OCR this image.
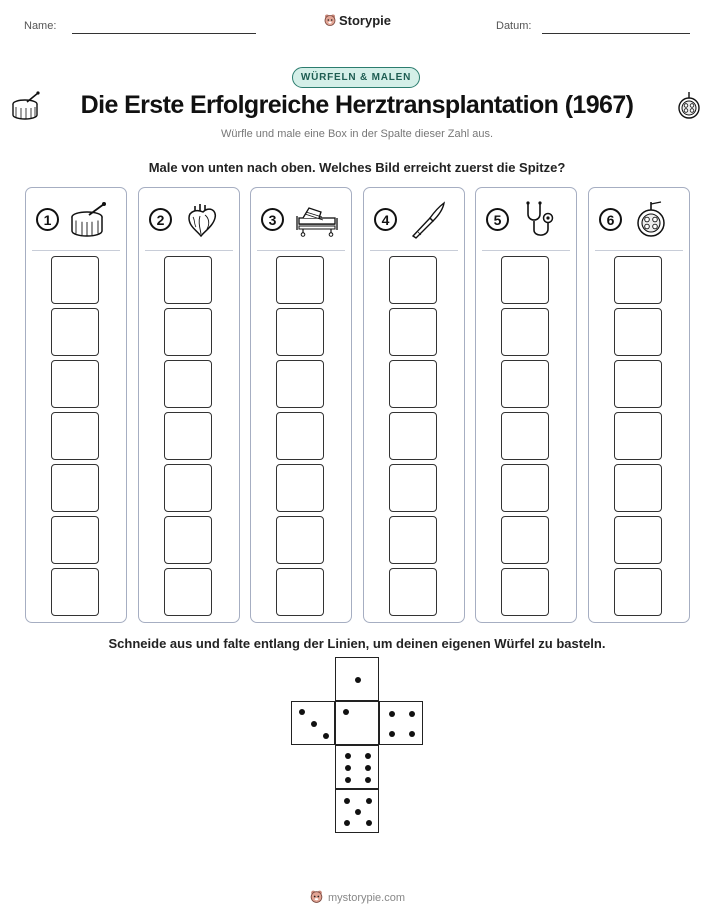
Name:	Storypie	Datum:
WÜRFELN & MALEN
Die Erste Erfolgreiche Herztransplantation (1967)
Würfle und male eine Box in der Spalte dieser Zahl aus.
Male von unten nach oben. Welches Bild erreicht zuerst die Spitze?
1	2	3	4	5	6
Schneide aus und falte entlang der Linien, um deinen eigenen Würfel zu basteln.
mystorypie.com
